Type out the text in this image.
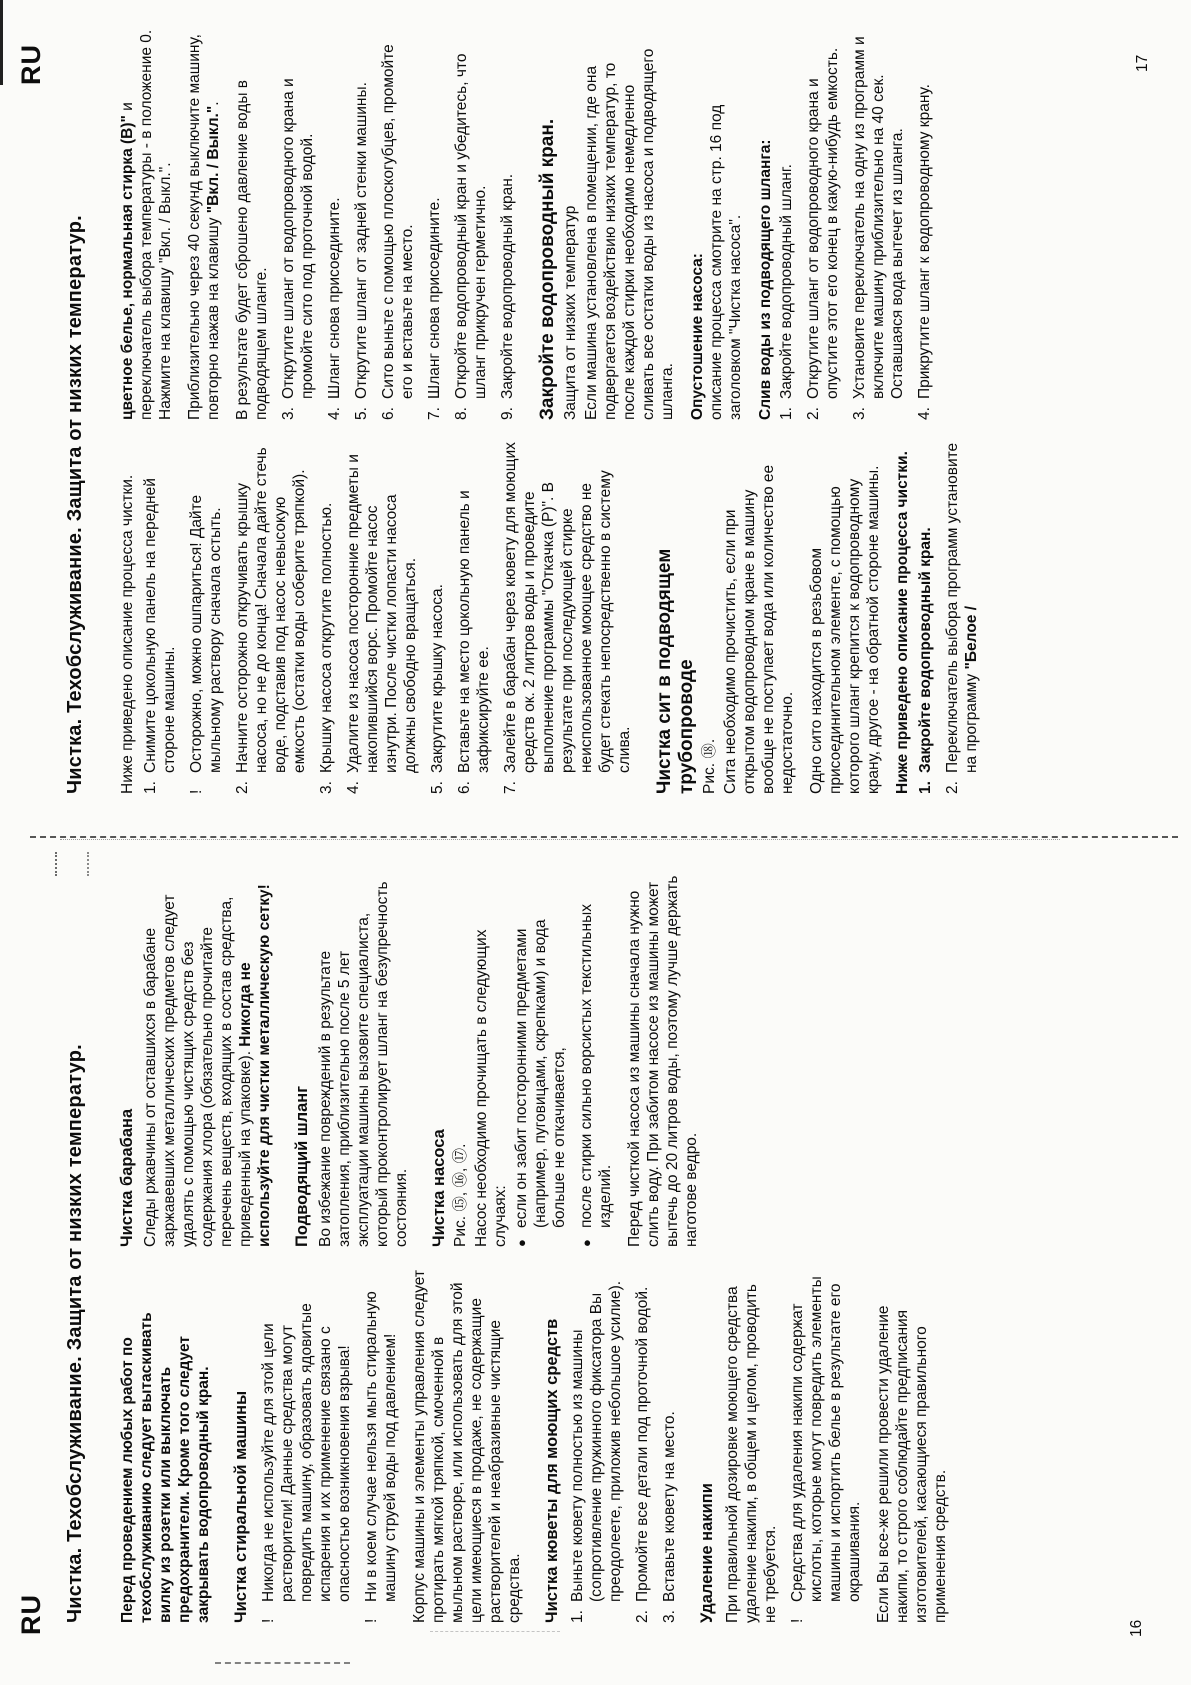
RU Чистка. Техобслуживание. Защита от низких температур. Перед проведением любых работ по техобслуживанию следует вытаскивать вилку из розетки или выключать предохранители. Кроме того следует закрывать водопроводный кран. Чистка стиральной машины !
Никогда не используйте для этой цели растворители! Данные средства могут повредить машину, образовать ядовитые испарения и их применение связано с опасностью возникновения взрыва!
!
Ни в коем случае нельзя мыть стиральную машину струей воды под давлением! Корпус машины и элементы управления следует протирать мягкой тряпкой, смоченной в мыльном растворе, или использовать для этой цели имеющиеся в продаже, не содержащие растворителей и неабразивные чистящие средства. Чистка кюветы для моющих средств 1.
Выньте кювету полностью из машины (сопротивление пружинного фиксатора Вы преодолеете, приложив небольшое усилие).
2.
Промойте все детали под проточной водой.
3.
Вставьте кювету на место. Удаление накипи При правильной дозировке моющего средства удаление накипи, в общем и целом, проводить не требуется. !
Средства для удаления накипи содержат кислоты, которые могут повредить элементы машины и испортить белье в результате его окрашивания. Если Вы все-же решили провести удаление накипи, то строго соблюдайте предписания изготовителей, касающиеся правильного применения средств.
Чистка барабана Следы ржавчины от оставшихся в барабане заржавевших металлических предметов следует удалять с помощью чистящих средств без содержания хлора (обязательно прочитайте перечень веществ, входящих в состав средства, приведенный на упаковке). Никогда не используйте для чистки металлическую сетку! Подводящий шланг Во избежание повреждений в результате затопления, приблизительно после 5 лет эксплуатации машины вызовите специалиста, который проконтролирует шланг на безупречность состояния. Чистка насоса Рис. ⑮, ⑯, ⑰. Насос необходимо прочищать в следующих случаях: ●
если он забит посторонними предметами (например, пуговицами, скрепками) и вода больше не откачивается,
●
после стирки сильно ворсистых текстильных изделий. Перед чисткой насоса из машины сначала нужно слить воду. При забитом насосе из машины может вытечь до 20 литров воды, поэтому лучше держать наготове ведро.
16
RU
Чистка. Техобслуживание. Защита от низких температур. Ниже приведено описание процесса чистки. 1.
Снимите цокольную панель на передней стороне машины.
!
Осторожно, можно ошпариться! Дайте мыльному раствору сначала остыть.
2.
Начните осторожно откручивать крышку насоса, но не до конца! Сначала дайте стечь воде, подставив под насос невысокую емкость (остатки воды соберите тряпкой).
3.
Крышку насоса открутите полностью.
4.
Удалите из насоса посторонние предметы и накопившийся ворс. Промойте насос изнутри. После чистки лопасти насоса должны свободно вращаться.
5.
Закрутите крышку насоса.
6.
Вставьте на место цокольную панель и зафиксируйте ее.
7.
Залейте в барабан через кювету для моющих средств ок. 2 литров воды и проведите выполнение программы "Откачка (Р)". В результате при последующей стирке неиспользованное моющее средство не будет стекать непосредственно в систему слива. Чистка сит в подводящем трубопроводе Рис. ⑱. Сита необходимо прочистить, если при открытом водопроводном кране в машину вообще не поступает вода или количество ее недостаточно. Одно сито находится в резьбовом присоединительном элементе, с помощью которого шланг крепится к водопроводному крану, другое - на обратной стороне машины. Ниже приведено описание процесса чистки. 1.
Закройте водопроводный кран.
2.
Переключатель выбора программ установите на программу "Белое /
цветное белье, нормальная стирка (В)" и переключатель выбора температуры - в положение 0. Нажмите на клавишу "Вкл. / Выкл.". Приблизительно через 40 секунд выключите машину, повторно нажав на клавишу "Вкл. / Выкл.". В результате будет сброшено давление воды в подводящем шланге. 3.
Открутите шланг от водопроводного крана и промойте сито под проточной водой.
4.
Шланг снова присоедините.
5.
Открутите шланг от задней стенки машины.
6.
Сито выньте с помощью плоскогубцев, промойте его и вставьте на место.
7.
Шланг снова присоедините.
8.
Откройте водопроводный кран и убедитесь, что шланг прикручен герметично.
9.
Закройте водопроводный кран. Закройте водопроводный кран. Защита от низких температур Если машина установлена в помещении, где она подвергается воздействию низких температур, то после каждой стирки необходимо немедленно сливать все остатки воды из насоса и подводящего шланга. Опустошение насоса: описание процесса смотрите на стр. 16 под заголовком "Чистка насоса". Слив воды из подводящего шланга: 1.
Закройте водопроводный шланг.
2.
Открутите шланг от водопроводного крана и опустите этот его конец в какую-нибудь емкость.
3.
Установите переключатель на одну из программ и включите машину приблизительно на 40 сек. Оставшаяся вода вытечет из шланга.
4.
Прикрутите шланг к водопроводному крану.
17
